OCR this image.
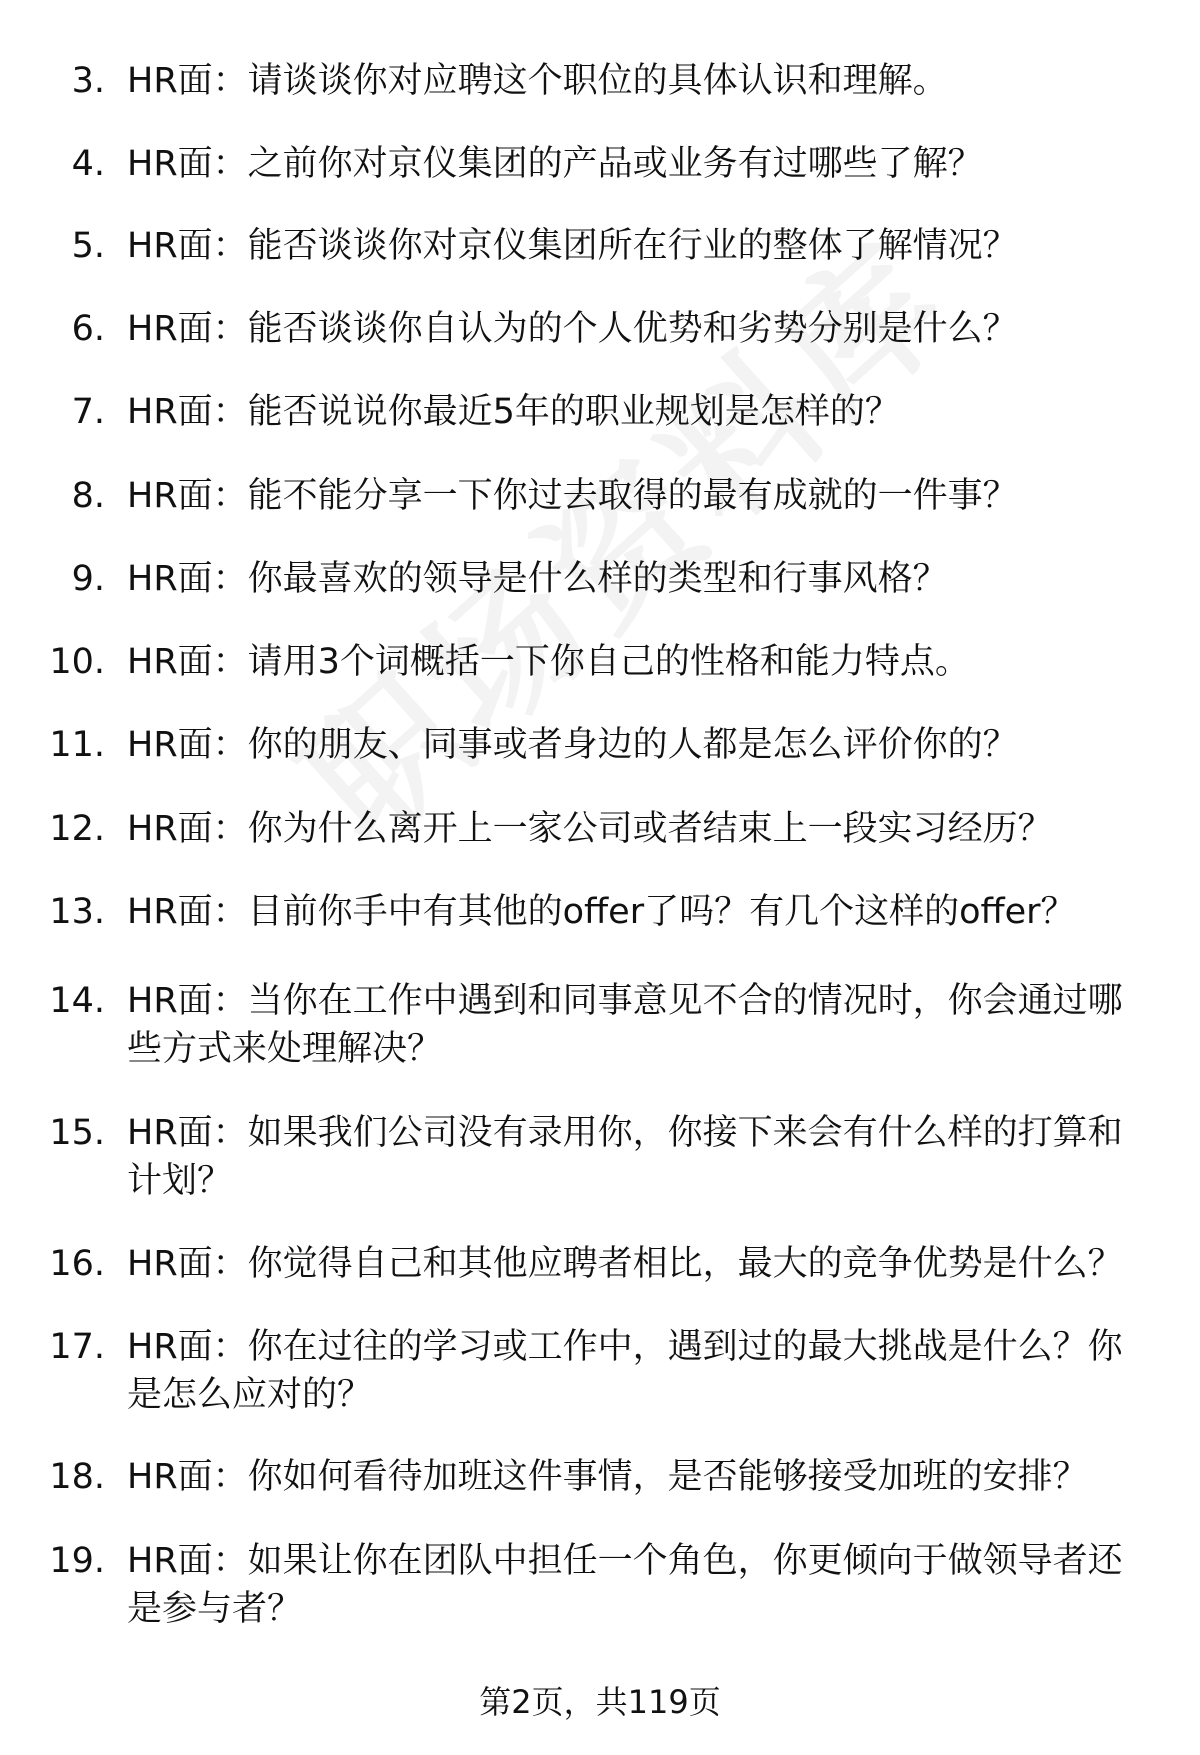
3. HR面：请谈谈你对应聘这个职位的具体认识和理解。
4. HR面：之前你对京仪集团的产品或业务有过哪些了解？
5. HR面：能否谈谈你对京仪集团所在行业的整体了解情况？
6. HR面：能否谈谈你自认为的个人优势和劣势分别是什么？
7. HR面：能否说说你最近5年的职业规划是怎样的？
8. HR面：能不能分享一下你过去取得的最有成就的一件事？
9. HR面：你最喜欢的领导是什么样的类型和行事风格？
10. HR面：请用3个词概括一下你自己的性格和能力特点。
11. HR面：你的朋友、同事或者身边的人都是怎么评价你的？
12. HR面：你为什么离开上一家公司或者结束上一段实习经历？
13. HR面：目前你手中有其他的offer了吗？有几个这样的offer？
14. HR面：当你在工作中遇到和同事意见不合的情况时，你会通过哪些方式来处理解决？
15. HR面：如果我们公司没有录用你，你接下来会有什么样的打算和计划？
16. HR面：你觉得自己和其他应聘者相比，最大的竞争优势是什么？
17. HR面：你在过往的学习或工作中，遇到过的最大挑战是什么？你是怎么应对的？
18. HR面：你如何看待加班这件事情，是否能够接受加班的安排？
19. HR面：如果让你在团队中担任一个角色，你更倾向于做领导者还是参与者？
第2页，共119页
